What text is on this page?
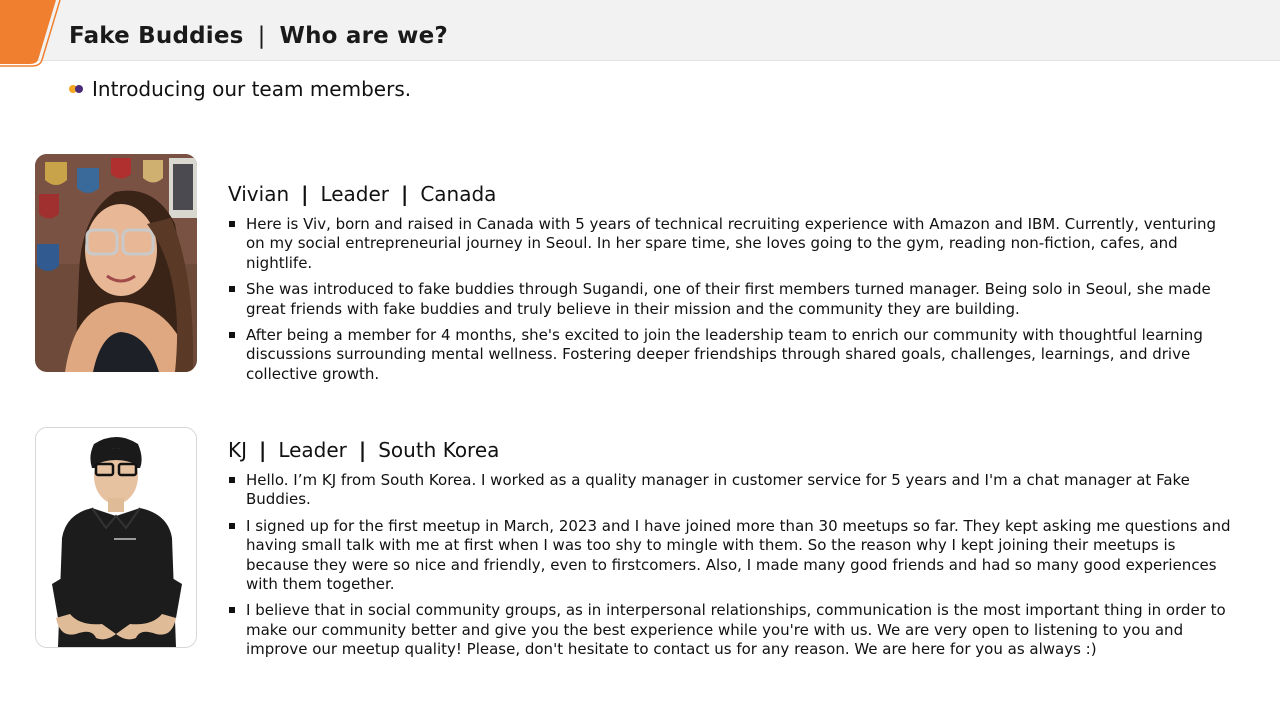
Fake Buddies | Who are we?
Introducing our team members.
Vivian | Leader | Canada
Here is Viv, born and raised in Canada with 5 years of technical recruiting experience with Amazon and IBM. Currently, venturing on my social entrepreneurial journey in Seoul. In her spare time, she loves going to the gym, reading non-fiction, cafes, and nightlife.
She was introduced to fake buddies through Sugandi, one of their first members turned manager. Being solo in Seoul, she made great friends with fake buddies and truly believe in their mission and the community they are building.
After being a member for 4 months, she's excited to join the leadership team to enrich our community with thoughtful learning discussions surrounding mental wellness. Fostering deeper friendships through shared goals, challenges, learnings, and drive collective growth.
KJ | Leader | South Korea
Hello. I’m KJ from South Korea. I worked as a quality manager in customer service for 5 years and I'm a chat manager at Fake Buddies.
I signed up for the first meetup in March, 2023 and I have joined more than 30 meetups so far. They kept asking me questions and having small talk with me at first when I was too shy to mingle with them. So the reason why I kept joining their meetups is because they were so nice and friendly, even to firstcomers. Also, I made many good friends and had so many good experiences with them together.
I believe that in social community groups, as in interpersonal relationships, communication is the most important thing in order to make our community better and give you the best experience while you're with us. We are very open to listening to you and improve our meetup quality! Please, don't hesitate to contact us for any reason. We are here for you as always :)
